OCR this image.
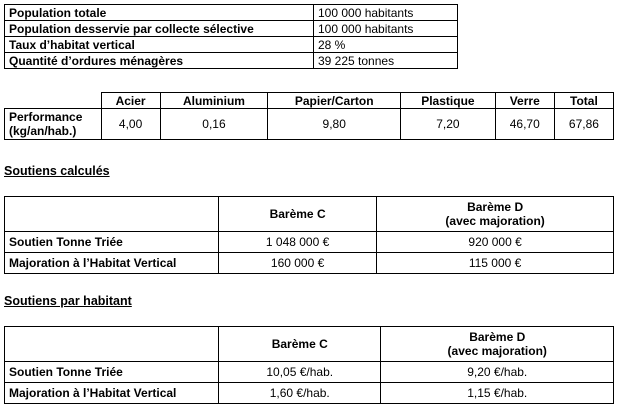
Population totale	100 000 habitants
Population desservie par collecte sélective	100 000 habitants
Taux d’habitat vertical	28 %
Quantité d’ordures ménagères	39 225 tonnes
	Acier	Aluminium	Papier/Carton	Plastique	Verre	Total
Performance (kg/an/hab.)	4,00	0,16	9,80	7,20	46,70	67,86
Soutiens calculés
	Barème C	Barème D
(avec majoration)

Soutien Tonne Triée	1 048 000 €	920 000 €
Majoration à l’Habitat Vertical	160 000 €	115 000 €
Soutiens par habitant
	Barème C	Barème D
(avec majoration)

Soutien Tonne Triée	10,05 €/hab.	9,20 €/hab.
Majoration à l’Habitat Vertical	1,60 €/hab.	1,15 €/hab.
